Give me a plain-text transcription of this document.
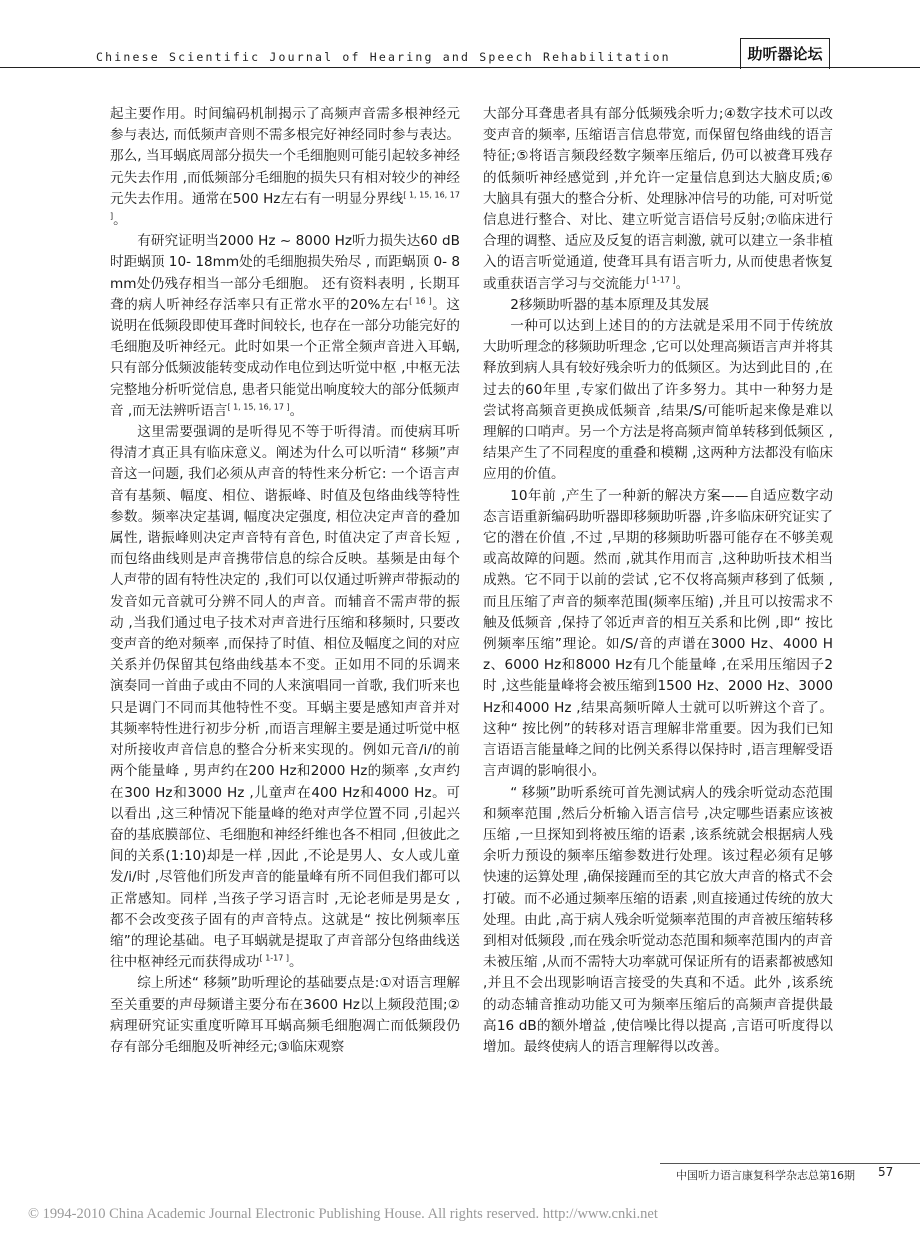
Chinese Scientific Journal of Hearing and Speech Rehabilitation	助听器论坛

起主要作用。时间编码机制揭示了高频声音需多根神经元参与表达, 而低频声音则不需多根完好神经同时参与表达。那么, 当耳蜗底周部分损失一个毛细胞则可能引起较多神经元失去作用 ,而低频部分毛细胞的损失只有相对较少的神经元失去作用。通常在500 Hz左右有一明显分界线[ 1, 15, 16, 17 ]。

有研究证明当2000 Hz ~ 8000 Hz听力损失达60 dB时距蜗顶 10- 18mm处的毛细胞损失殆尽 , 而距蜗顶 0- 8mm处仍残存相当一部分毛细胞。 还有资料表明 , 长期耳聋的病人听神经存活率只有正常水平的20%左右[ 16 ]。这说明在低频段即使耳聋时间较长, 也存在一部分功能完好的毛细胞及听神经元。此时如果一个正常全频声音进入耳蜗, 只有部分低频波能转变成动作电位到达听觉中枢 ,中枢无法完整地分析听觉信息, 患者只能觉出响度较大的部分低频声音 ,而无法辨听语言[ 1, 15, 16, 17 ]。

这里需要强调的是听得见不等于听得清。而使病耳听得清才真正具有临床意义。阐述为什么可以听清“ 移频”声音这一问题, 我们必须从声音的特性来分析它: 一个语言声音有基频、幅度、相位、谐振峰、时值及包络曲线等特性参数。频率决定基调, 幅度决定强度, 相位决定声音的叠加属性, 谐振峰则决定声音特有音色, 时值决定了声音长短 ,而包络曲线则是声音携带信息的综合反映。基频是由每个人声带的固有特性决定的 ,我们可以仅通过听辨声带振动的发音如元音就可分辨不同人的声音。而辅音不需声带的振动 ,当我们通过电子技术对声音进行压缩和移频时, 只要改变声音的绝对频率 ,而保持了时值、相位及幅度之间的对应关系并仍保留其包络曲线基本不变。正如用不同的乐调来演奏同一首曲子或由不同的人来演唱同一首歌, 我们听来也只是调门不同而其他特性不变。耳蜗主要是感知声音并对其频率特性进行初步分析 ,而语言理解主要是通过听觉中枢对所接收声音信息的整合分析来实现的。例如元音/i/的前两个能量峰 , 男声约在200 Hz和2000 Hz的频率 ,女声约在300 Hz和3000 Hz ,儿童声在400 Hz和4000 Hz。可以看出 ,这三种情况下能量峰的绝对声学位置不同 ,引起兴奋的基底膜部位、毛细胞和神经纤维也各不相同 ,但彼此之间的关系(1:10)却是一样 ,因此 ,不论是男人、女人或儿童发/i/时 ,尽管他们所发声音的能量峰有所不同但我们都可以正常感知。同样 ,当孩子学习语言时 ,无论老师是男是女 ,都不会改变孩子固有的声音特点。这就是“ 按比例频率压缩”的理论基础。电子耳蜗就是提取了声音部分包络曲线送往中枢神经元而获得成功[ 1-17 ]。

综上所述“ 移频”助听理论的基础要点是:①对语言理解至关重要的声母频谱主要分布在3600 Hz以上频段范围;②病理研究证实重度听障耳耳蜗高频毛细胞凋亡而低频段仍存有部分毛细胞及听神经元;③临床观察

大部分耳聋患者具有部分低频残余听力;④数字技术可以改变声音的频率, 压缩语言信息带宽, 而保留包络曲线的语言特征;⑤将语言频段经数字频率压缩后, 仍可以被聋耳残存的低频听神经感觉到 ,并允许一定量信息到达大脑皮质;⑥大脑具有强大的整合分析、处理脉冲信号的功能, 可对听觉信息进行整合、对比、建立听觉言语信号反射;⑦临床进行合理的调整、适应及反复的语言刺激, 就可以建立一条非植入的语言听觉通道, 使聋耳具有语言听力, 从而使患者恢复或重获语言学习与交流能力[ 1-17 ]。

2移频助听器的基本原理及其发展

一种可以达到上述目的的方法就是采用不同于传统放大助听理念的移频助听理念 ,它可以处理高频语言声并将其释放到病人具有较好残余听力的低频区。为达到此目的 ,在过去的60年里 ,专家们做出了许多努力。其中一种努力是尝试将高频音更换成低频音 ,结果/S/可能听起来像是难以理解的口哨声。另一个方法是将高频声简单转移到低频区 ,结果产生了不同程度的重叠和模糊 ,这两种方法都没有临床应用的价值。

10年前 ,产生了一种新的解决方案——自适应数字动态言语重新编码助听器即移频助听器 ,许多临床研究证实了它的潜在价值 ,不过 ,早期的移频助听器可能存在不够美观或高故障的问题。然而 ,就其作用而言 ,这种助听技术相当成熟。它不同于以前的尝试 ,它不仅将高频声移到了低频 ,而且压缩了声音的频率范围(频率压缩) ,并且可以按需求不触及低频音 ,保持了邻近声音的相互关系和比例 ,即“ 按比例频率压缩”理论。如/S/音的声谱在3000 Hz、4000 Hz、6000 Hz和8000 Hz有几个能量峰 ,在采用压缩因子2时 ,这些能量峰将会被压缩到1500 Hz、2000 Hz、3000 Hz和4000 Hz ,结果高频听障人士就可以听辨这个音了。这种“ 按比例”的转移对语言理解非常重要。因为我们已知言语语言能量峰之间的比例关系得以保持时 ,语言理解受语言声调的影响很小。

“ 移频”助听系统可首先测试病人的残余听觉动态范围和频率范围 ,然后分析输入语言信号 ,决定哪些语素应该被压缩 ,一旦探知到将被压缩的语素 ,该系统就会根据病人残余听力预设的频率压缩参数进行处理。该过程必须有足够快速的运算处理 ,确保接踵而至的其它放大声音的格式不会打破。而不必通过频率压缩的语素 ,则直接通过传统的放大处理。由此 ,高于病人残余听觉频率范围的声音被压缩转移到相对低频段 ,而在残余听觉动态范围和频率范围内的声音未被压缩 ,从而不需特大功率就可保证所有的语素都被感知 ,并且不会出现影响语言接受的失真和不适。此外 ,该系统的动态辅音推动功能又可为频率压缩后的高频声音提供最高16 dB的额外增益 ,使信噪比得以提高 ,言语可听度得以增加。最终使病人的语言理解得以改善。

中国听力语言康复科学杂志总第16期 57
© 1994-2010 China Academic Journal Electronic Publishing House. All rights reserved. http://www.cnki.net
